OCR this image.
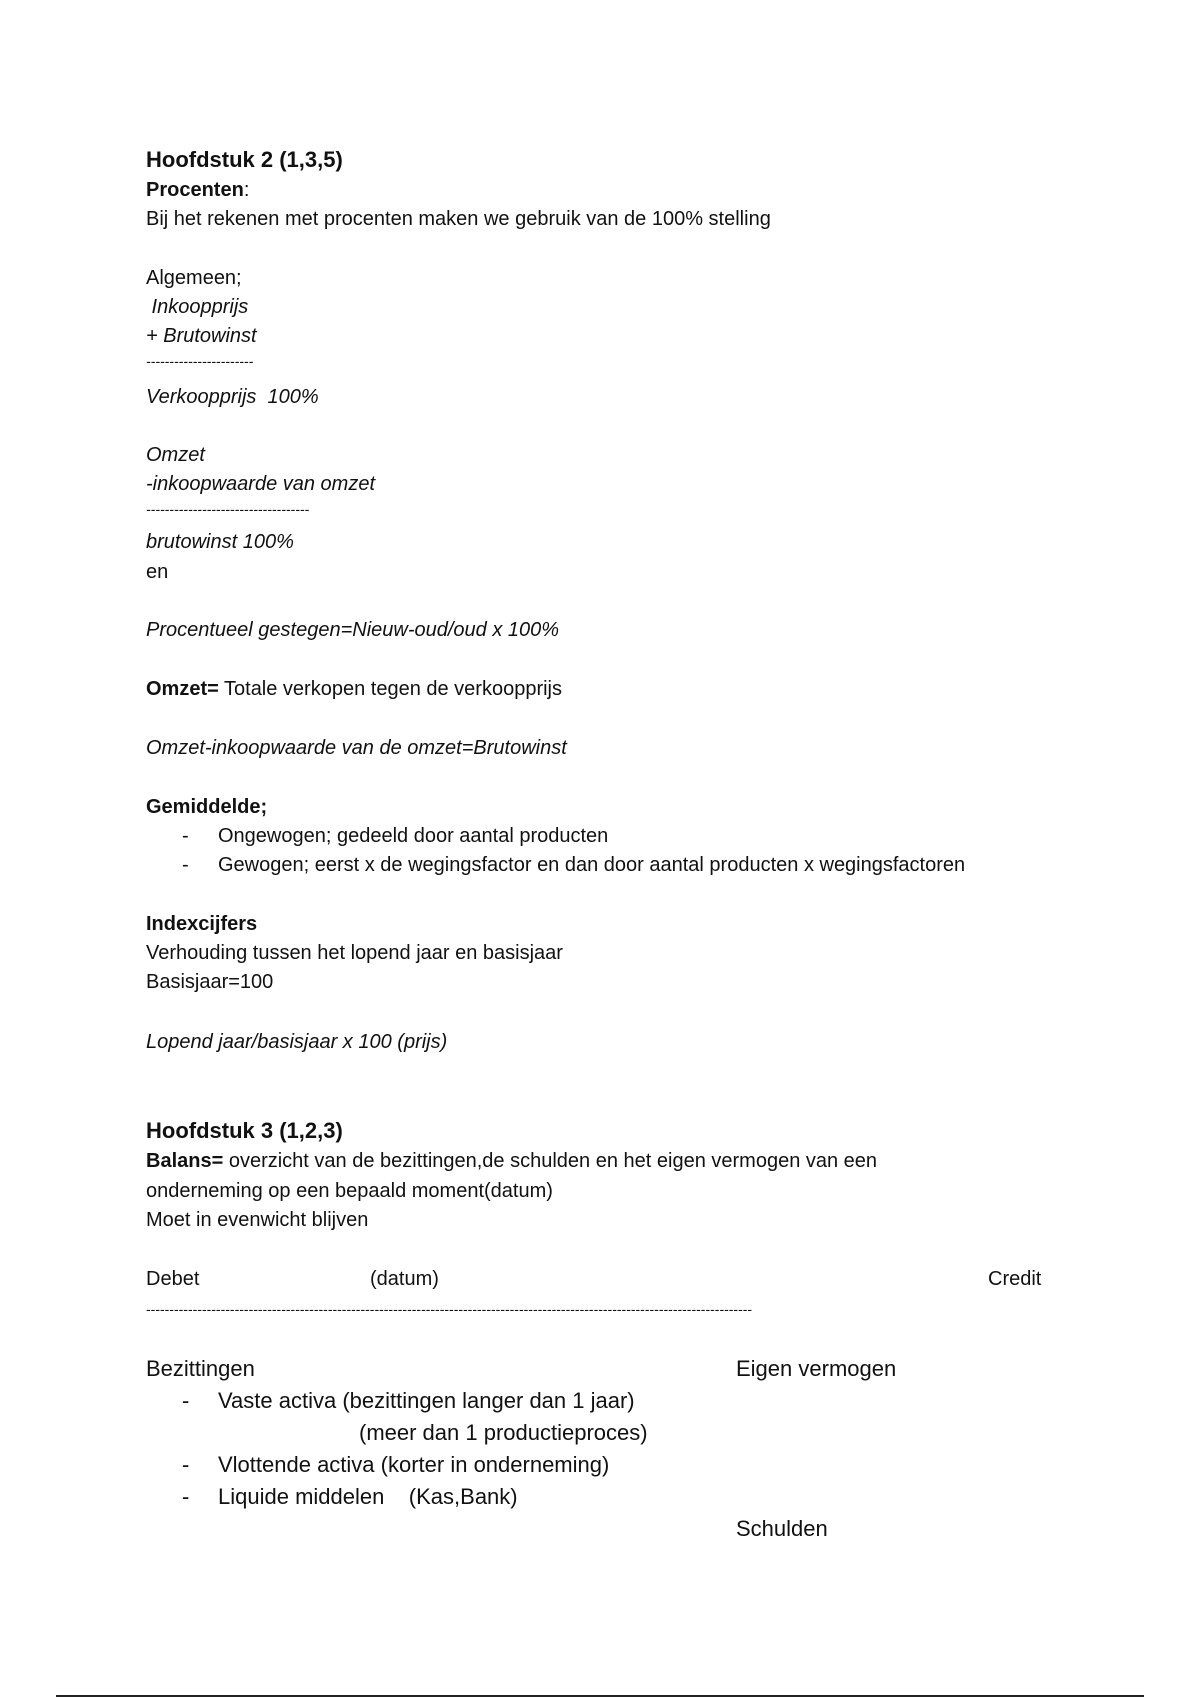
Hoofdstuk 2 (1,3,5)
Procenten:
Bij het rekenen met procenten maken we gebruik van de 100% stelling
Algemeen;
Inkoopprijs
+ Brutowinst
-----------------------
Verkoopprijs  100%
Omzet
-inkoopwaarde van omzet
-----------------------------------
brutowinst 100%
en
Procentueel gestegen=Nieuw-oud/oud x 100%
Omzet= Totale verkopen tegen de verkoopprijs
Omzet-inkoopwaarde van de omzet=Brutowinst
Gemiddelde;
- Ongewogen; gedeeld door aantal producten
- Gewogen; eerst x de wegingsfactor en dan door aantal producten x wegingsfactoren
Indexcijfers
Verhouding tussen het lopend jaar en basisjaar
Basisjaar=100
Lopend jaar/basisjaar x 100 (prijs)
Hoofdstuk 3 (1,2,3)
Balans= overzicht van de bezittingen,de schulden en het eigen vermogen van een
onderneming op een bepaald moment(datum)
Moet in evenwicht blijven
Debet	(datum)	Credit
----------------------------------------------------------------------------------------------------------------------------------
Bezittingen	Eigen vermogen
- Vaste activa (bezittingen langer dan 1 jaar)
(meer dan 1 productieproces)
- Vlottende activa (korter in onderneming)
- Liquide middelen    (Kas,Bank)
Schulden
